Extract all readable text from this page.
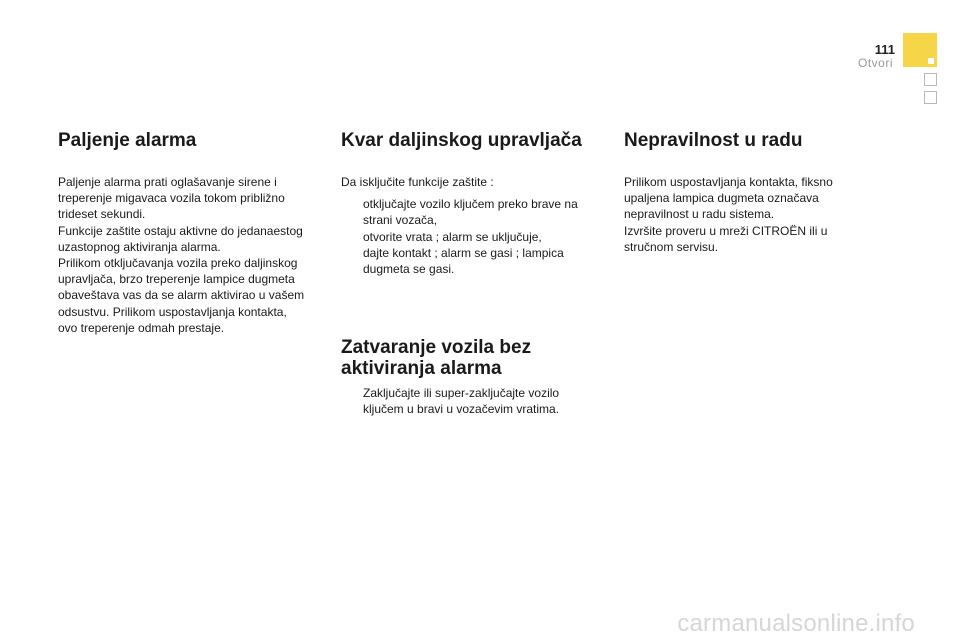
111
Otvori
Paljenje alarma

Paljenje alarma prati oglašavanje sirene i
treperenje migavaca vozila tokom približno
trideset sekundi.
Funkcije zaštite ostaju aktivne do jedanaestog
uzastopnog aktiviranja alarma.
Prilikom otključavanja vozila preko daljinskog
upravljača, brzo treperenje lampice dugmeta
obaveštava vas da se alarm aktivirao u vašem
odsustvu. Prilikom uspostavljanja kontakta,
ovo treperenje odmah prestaje.

Kvar daljinskog upravljača

Da isključite funkcije zaštite :

otključajte vozilo ključem preko brave na
strani vozača,
otvorite vrata ; alarm se uključuje,
dajte kontakt ; alarm se gasi ; lampica
dugmeta se gasi.
Zatvaranje vozila bez
aktiviranja alarma
Zaključajte ili super-zaključajte vozilo
ključem u bravi u vozačevim vratima.
Nepravilnost u radu

Prilikom uspostavljanja kontakta, fiksno
upaljena lampica dugmeta označava
nepravilnost u radu sistema.
Izvršite proveru u mreži CITROËN ili u
stručnom servisu.

carmanualsonline.info
